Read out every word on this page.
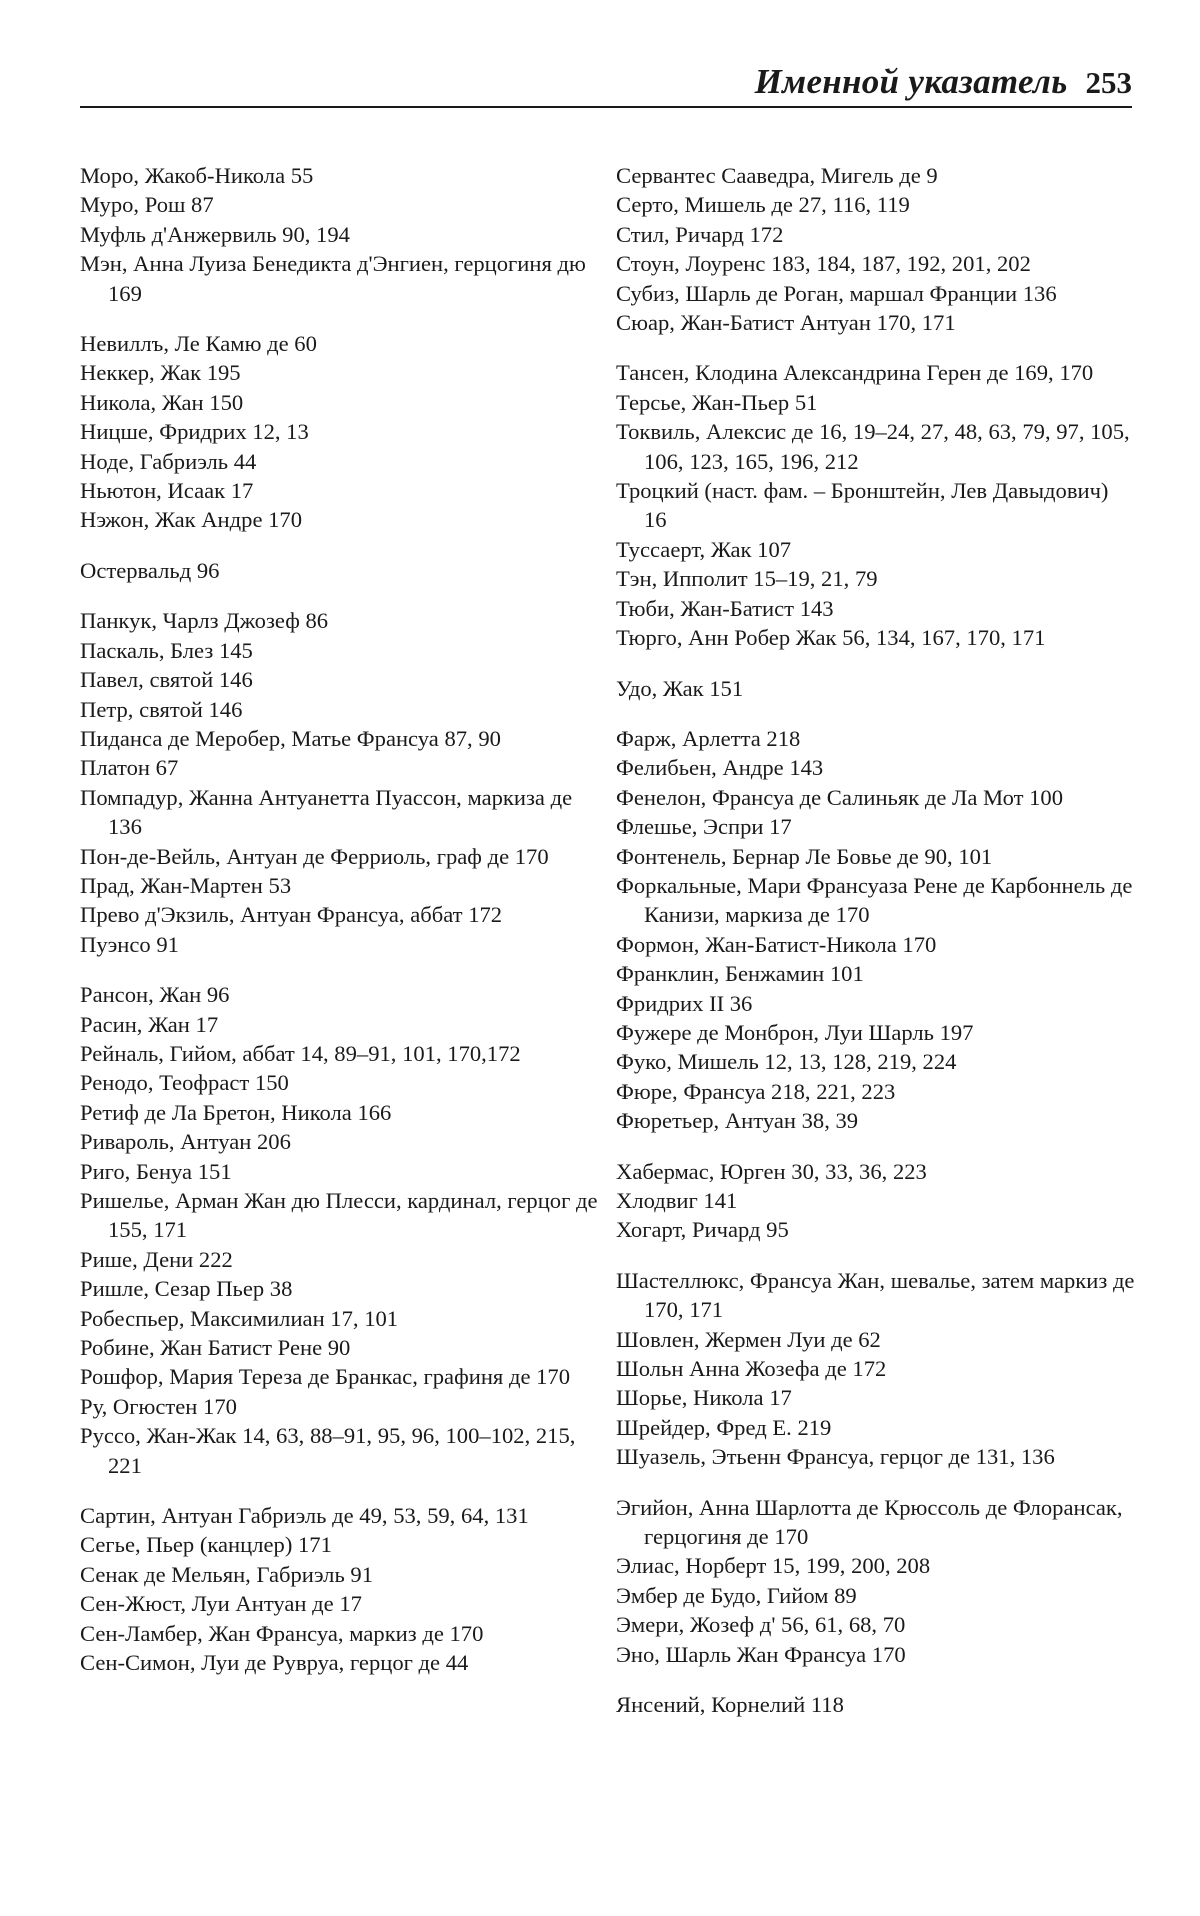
Именной указатель 253
Моро, Жакоб-Никола 55
Муро, Рош 87
Муфль д'Анжервиль 90, 194
Мэн, Анна Луиза Бенедикта д'Энгиен, герцогиня дю 169
Невиллъ, Ле Камю де 60
Неккер, Жак 195
Никола, Жан 150
Ницше, Фридрих 12, 13
Ноде, Габриэль 44
Ньютон, Исаак 17
Нэжон, Жак Андре 170
Остервальд 96
Панкук, Чарлз Джозеф 86
Паскаль, Блез 145
Павел, святой 146
Петр, святой 146
Пиданса де Меробер, Матье Франсуа 87, 90
Платон 67
Помпадур, Жанна Антуанетта Пуассон, маркиза де 136
Пон-де-Вейль, Антуан де Ферриоль, граф де 170
Прад, Жан-Мартен 53
Прево д'Экзиль, Антуан Франсуа, аббат 172
Пуэнсо 91
Рансон, Жан 96
Расин, Жан 17
Рейналь, Гийом, аббат 14, 89–91, 101, 170,172
Ренодо, Теофраст 150
Ретиф де Ла Бретон, Никола 166
Ривароль, Антуан 206
Риго, Бенуа 151
Ришелье, Арман Жан дю Плесси, кардинал, герцог де 155, 171
Рише, Дени 222
Ришле, Сезар Пьер 38
Робеспьер, Максимилиан 17, 101
Робине, Жан Батист Рене 90
Рошфор, Мария Тереза де Бранкас, графиня де 170
Ру, Огюстен 170
Руссо, Жан-Жак 14, 63, 88–91, 95, 96, 100–102, 215, 221
Сартин, Антуан Габриэль де 49, 53, 59, 64, 131
Сегье, Пьер (канцлер) 171
Сенак де Мельян, Габриэль 91
Сен-Жюст, Луи Антуан де 17
Сен-Ламбер, Жан Франсуа, маркиз де 170
Сен-Симон, Луи де Рувруа, герцог де 44
Сервантес Сааведра, Мигель де 9
Серто, Мишель де 27, 116, 119
Стил, Ричард 172
Стоун, Лоуренс 183, 184, 187, 192, 201, 202
Субиз, Шарль де Роган, маршал Франции 136
Сюар, Жан-Батист Антуан 170, 171
Тансен, Клодина Александрина Герен де 169, 170
Терсье, Жан-Пьер 51
Токвиль, Алексис де 16, 19–24, 27, 48, 63, 79, 97, 105, 106, 123, 165, 196, 212
Троцкий (наст. фам. – Бронштейн, Лев Давыдович) 16
Туссаерт, Жак 107
Тэн, Ипполит 15–19, 21, 79
Тюби, Жан-Батист 143
Тюрго, Анн Робер Жак 56, 134, 167, 170, 171
Удо, Жак 151
Фарж, Арлетта 218
Фелибьен, Андре 143
Фенелон, Франсуа де Салиньяк де Ла Мот 100
Флешье, Эспри 17
Фонтенель, Бернар Ле Бовье де 90, 101
Форкальные, Мари Франсуаза Рене де Карбоннель де Канизи, маркиза де 170
Формон, Жан-Батист-Никола 170
Франклин, Бенжамин 101
Фридрих II 36
Фужере де Монброн, Луи Шарль 197
Фуко, Мишель 12, 13, 128, 219, 224
Фюре, Франсуа 218, 221, 223
Фюретьер, Антуан 38, 39
Хабермас, Юрген 30, 33, 36, 223
Хлодвиг 141
Хогарт, Ричард 95
Шастеллюкс, Франсуа Жан, шевалье, затем маркиз де 170, 171
Шовлен, Жермен Луи де 62
Шольн Анна Жозефа де 172
Шорье, Никола 17
Шрейдер, Фред Е. 219
Шуазель, Этьенн Франсуа, герцог де 131, 136
Эгийон, Анна Шарлотта де Крюссоль де Флорансак, герцогиня де 170
Элиас, Норберт 15, 199, 200, 208
Эмбер де Будо, Гийом 89
Эмери, Жозеф д' 56, 61, 68, 70
Энo, Шарль Жан Франсуа 170
Янсений, Корнелий 118
